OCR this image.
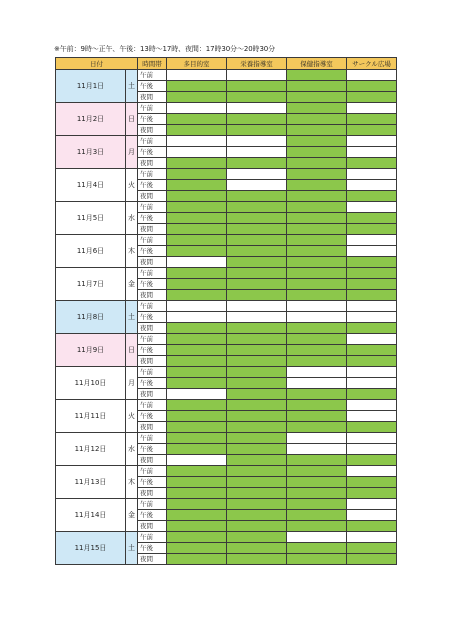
※午前：9時～正午、午後：13時～17時、夜間：17時30分～20時30分
日付		時間帯	多目的室	栄養指導室	保健指導室	サークル広場
11月1日	土	午前				
		午後				
		夜間				
11月2日	日	午前				
		午後				
		夜間				
11月3日	月	午前				
		午後				
		夜間				
11月4日	火	午前				
		午後				
		夜間				
11月5日	水	午前				
		午後				
		夜間				
11月6日	木	午前				
		午後				
		夜間				
11月7日	金	午前				
		午後				
		夜間				
11月8日	土	午前				
		午後				
		夜間				
11月9日	日	午前				
		午後				
		夜間				
11月10日	月	午前				
		午後				
		夜間				
11月11日	火	午前				
		午後				
		夜間				
11月12日	水	午前				
		午後				
		夜間				
11月13日	木	午前				
		午後				
		夜間				
11月14日	金	午前				
		午後				
		夜間				
11月15日	土	午前				
		午後				
		夜間				
